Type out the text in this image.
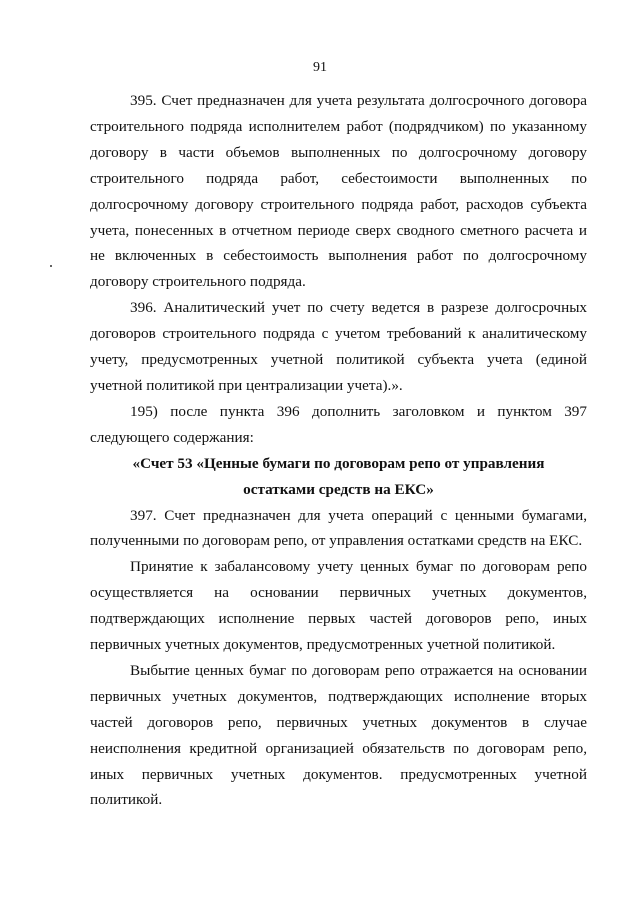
91

395. Счет предназначен для учета результата долгосрочного договора строительного подряда исполнителем работ (подрядчиком) по указанному договору в части объемов выполненных по долгосрочному договору строительного подряда работ, себестоимости выполненных по долгосрочному договору строительного подряда работ, расходов субъекта учета, понесенных в отчетном периоде сверх сводного сметного расчета и не включенных в себестоимость выполнения работ по долгосрочному договору строительного подряда.

396. Аналитический учет по счету ведется в разрезе долгосрочных договоров строительного подряда с учетом требований к аналитическому учету, предусмотренных учетной политикой субъекта учета (единой учетной политикой при централизации учета).».

195) после пункта 396 дополнить заголовком и пунктом 397 следующего содержания:

«Счет 53 «Ценные бумаги по договорам репо от управления
остатками средств на ЕКС»

397. Счет предназначен для учета операций с ценными бумагами, полученными по договорам репо, от управления остатками средств на ЕКС.

Принятие к забалансовому учету ценных бумаг по договорам репо осуществляется на основании первичных учетных документов, подтверждающих исполнение первых частей договоров репо, иных первичных учетных документов, предусмотренных учетной политикой.

Выбытие ценных бумаг по договорам репо отражается на основании первичных учетных документов, подтверждающих исполнение вторых частей договоров репо, первичных учетных документов в случае неисполнения кредитной организацией обязательств по договорам репо, иных первичных учетных документов. предусмотренных учетной политикой.
